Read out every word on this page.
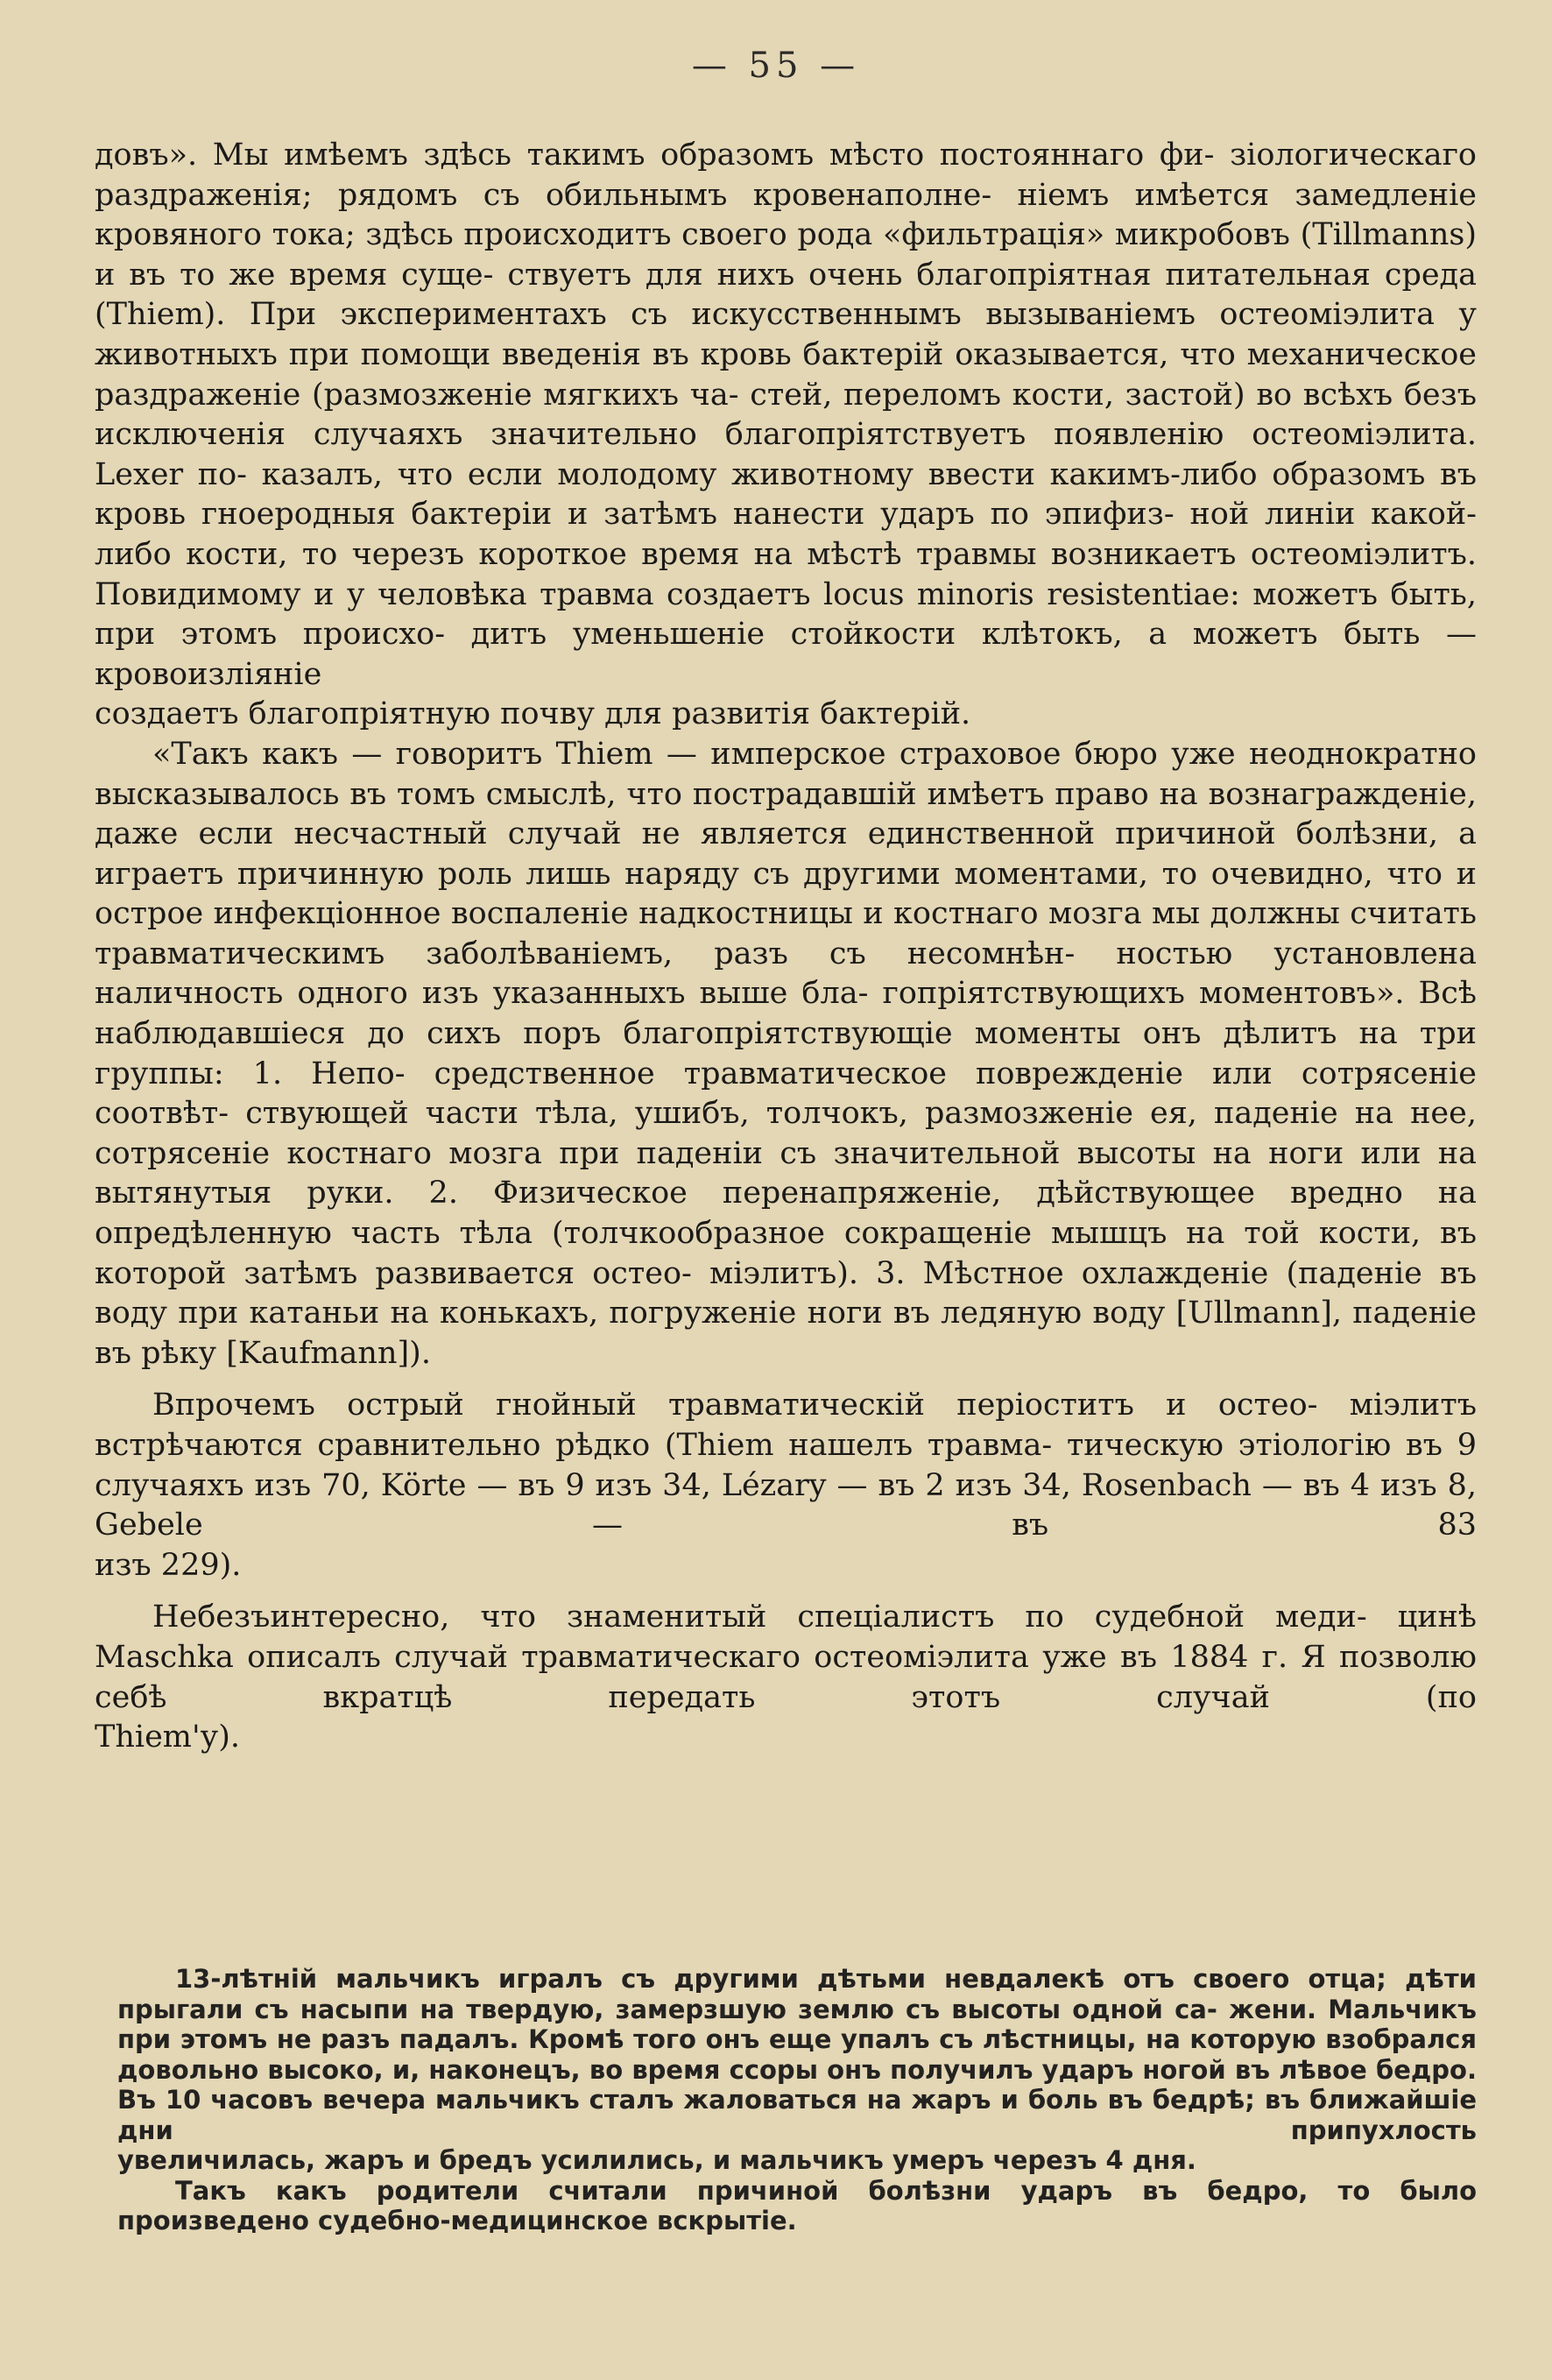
— 55 —

довъ». Мы имѣемъ здѣсь такимъ образомъ мѣсто постояннаго фи- зіологическаго раздраженія; рядомъ съ обильнымъ кровенаполне- ніемъ имѣется замедленіе кровяного тока; здѣсь происходитъ своего рода «фильтрація» микробовъ (Tillmanns) и въ то же время суще- ствуетъ для нихъ очень благопріятная питательная среда (Thiem). При экспериментахъ съ искусственнымъ вызываніемъ остеоміэлита у животныхъ при помощи введенія въ кровь бактерій оказывается, что механическое раздраженіе (размозженіе мягкихъ ча- стей, переломъ кости, застой) во всѣхъ безъ исключенія случаяхъ значительно благопріятствуетъ появленію остеоміэлита. Lexer по- казалъ, что если молодому животному ввести какимъ-либо образомъ въ кровь гноеродныя бактеріи и затѣмъ нанести ударъ по эпифиз- ной линіи какой-либо кости, то черезъ короткое время на мѣстѣ травмы возникаетъ остеоміэлитъ. Повидимому и у человѣка травма создаетъ locus minoris resistentiae: можетъ быть, при этомъ происхо- дитъ уменьшеніе стойкости клѣтокъ, а можетъ быть — кровоизліяніе

создаетъ благопріятную почву для развитія бактерій.

«Такъ какъ — говоритъ Thiem — имперское страховое бюро уже неоднократно высказывалось въ томъ смыслѣ, что пострадавшій имѣетъ право на вознагражденіе, даже если несчастный случай не является единственной причиной болѣзни, а играетъ причинную роль лишь наряду съ другими моментами, то очевидно, что и острое инфекціонное воспаленіе надкостницы и костнаго мозга мы должны считать травматическимъ заболѣваніемъ, разъ съ несомнѣн- ностью установлена наличность одного изъ указанныхъ выше бла- гопріятствующихъ моментовъ». Всѣ наблюдавшіеся до сихъ поръ благопріятствующіе моменты онъ дѣлитъ на три группы: 1. Непо- средственное травматическое поврежденіе или сотрясеніе соотвѣт- ствующей части тѣла, ушибъ, толчокъ, размозженіе ея, паденіе на нее, сотрясеніе костнаго мозга при паденіи съ значительной высоты на ноги или на вытянутыя руки. 2. Физическое перенапряженіе, дѣйствующее вредно на опредѣленную часть тѣла (толчкообразное сокращеніе мышцъ на той кости, въ которой затѣмъ развивается остео- міэлитъ). 3. Мѣстное охлажденіе (паденіе въ воду при катаньи на конькахъ, погруженіе ноги въ ледяную воду [Ullmann], паденіе

въ рѣку [Kaufmann]).

Впрочемъ острый гнойный травматическій періоститъ и остео- міэлитъ встрѣчаются сравнительно рѣдко (Thiem нашелъ травма- тическую этіологію въ 9 случаяхъ изъ 70, Körte — въ 9 изъ 34, Lézary — въ 2 изъ 34, Rosenbach — въ 4 изъ 8, Gebele — въ 83

изъ 229).

Небезъинтересно, что знаменитый спеціалистъ по судебной меди- цинѣ Maschka описалъ случай травматическаго остеоміэлита уже въ 1884 г. Я позволю себѣ вкратцѣ передать этотъ случай (по

Thiem'у).

13-лѣтній мальчикъ игралъ съ другими дѣтьми невдалекѣ отъ своего отца; дѣти прыгали съ насыпи на твердую, замерзшую землю съ высоты одной са- жени. Мальчикъ при этомъ не разъ падалъ. Кромѣ того онъ еще упалъ съ лѣстницы, на которую взобрался довольно высоко, и, наконецъ, во время ссоры онъ получилъ ударъ ногой въ лѣвое бедро. Въ 10 часовъ вечера мальчикъ сталъ жаловаться на жаръ и боль въ бедрѣ; въ ближайшіе дни припухлость

увеличилась, жаръ и бредъ усилились, и мальчикъ умеръ черезъ 4 дня.

Такъ какъ родители считали причиной болѣзни ударъ въ бедро, то было

произведено судебно-медицинское вскрытіе.
